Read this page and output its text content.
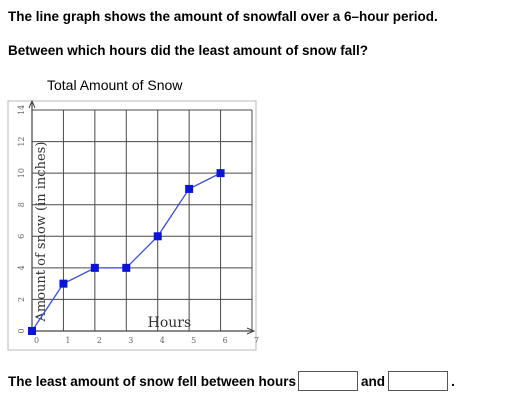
The line graph shows the amount of snowfall over a 6–hour period.
Between which hours did the least amount of snow fall?
Total Amount of Snow
0	1	2	3	4	5	6	7
0
2
4
6
8
10
12
14
Hours
Amount of snow (in inches)
The least amount of snow fell between hours	and	.
